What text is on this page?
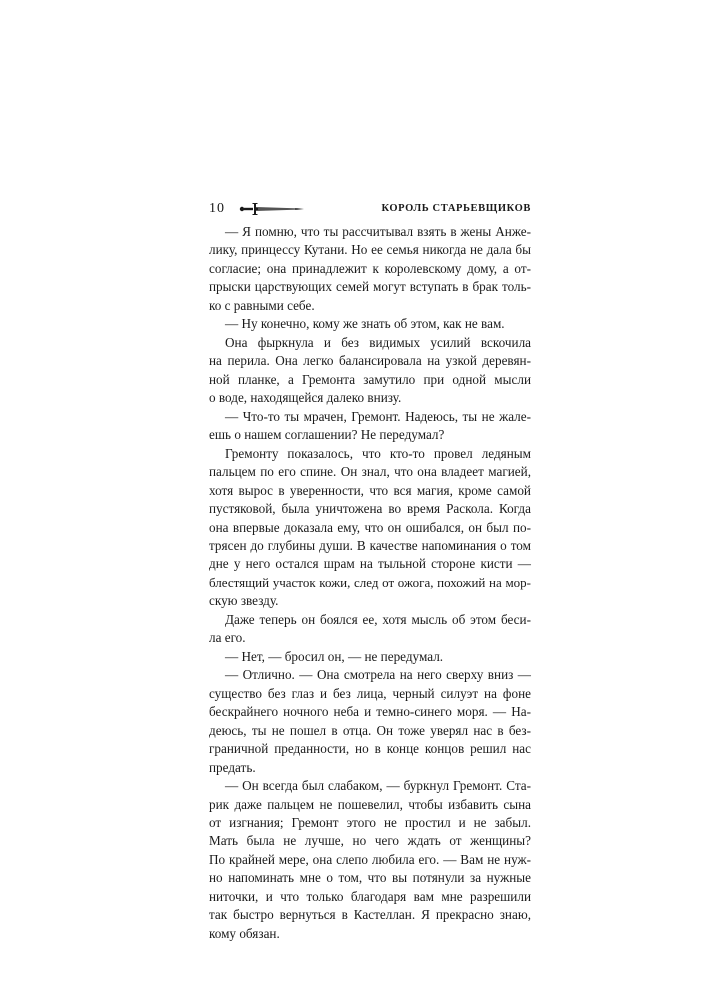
10	КОРОЛЬ СТАРЬЕВЩИКОВ
— Я помню, что ты рассчитывал взять в жены Анже-
лику, принцессу Кутани. Но ее семья никогда не дала бы
согласие; она принадлежит к королевскому дому, а от-
прыски царствующих семей могут вступать в брак толь-
ко с равными себе.
— Ну конечно, кому же знать об этом, как не вам.
Она фыркнула и без видимых усилий вскочила
на перила. Она легко балансировала на узкой деревян-
ной планке, а Гремонта замутило при одной мысли
о воде, находящейся далеко внизу.
— Что-то ты мрачен, Гремонт. Надеюсь, ты не жале-
ешь о нашем соглашении? Не передумал?
Гремонту показалось, что кто-то провел ледяным
пальцем по его спине. Он знал, что она владеет магией,
хотя вырос в уверенности, что вся магия, кроме самой
пустяковой, была уничтожена во время Раскола. Когда
она впервые доказала ему, что он ошибался, он был по-
трясен до глубины души. В качестве напоминания о том
дне у него остался шрам на тыльной стороне кисти —
блестящий участок кожи, след от ожога, похожий на мор-
скую звезду.
Даже теперь он боялся ее, хотя мысль об этом беси-
ла его.
— Нет, — бросил он, — не передумал.
— Отлично. — Она смотрела на него сверху вниз —
существо без глаз и без лица, черный силуэт на фоне
бескрайнего ночного неба и темно-синего моря. — На-
деюсь, ты не пошел в отца. Он тоже уверял нас в без-
граничной преданности, но в конце концов решил нас
предать.
— Он всегда был слабаком, — буркнул Гремонт. Ста-
рик даже пальцем не пошевелил, чтобы избавить сына
от изгнания; Гремонт этого не простил и не забыл.
Мать была не лучше, но чего ждать от женщины?
По крайней мере, она слепо любила его. — Вам не нуж-
но напоминать мне о том, что вы потянули за нужные
ниточки, и что только благодаря вам мне разрешили
так быстро вернуться в Кастеллан. Я прекрасно знаю,
кому обязан.
